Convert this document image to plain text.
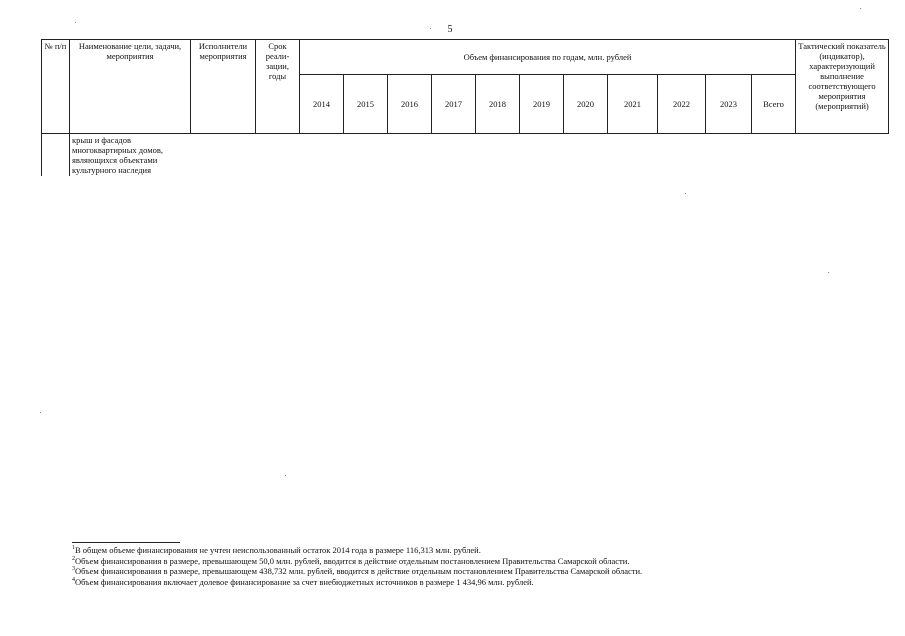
5
№ п/п	Наименование цели, задачи, мероприятия	Исполнители мероприятия	Срок реали-зации, годы	Объем финансирования по годам, млн. рублей											Тактический показатель (индикатор), характеризующий выполнение соответствующего мероприятия (мероприятий)
				2014	2015	2016	2017	2018	2019	2020	2021	2022	2023	Всего	

	крыш и фасадов
многоквартирных домов,
являющихся объектами
культурного наследия														

$^1$В общем объеме финансирования не учтен неиспользованный остаток 2014 года в размере 116,313 млн. рублей.
$^2$Объем финансирования в размере, превышающем 50,0 млн. рублей, вводится в действие отдельным постановлением Правительства Самарской области.
$^3$Объем финансирования в размере, превышающем 438,732 млн. рублей, вводится в действие отдельным постановлением Правительства Самарской области.
$^4$Объем финансирования включает долевое финансирование за счет внебюджетных источников в размере 1 434,96 млн. рублей.
